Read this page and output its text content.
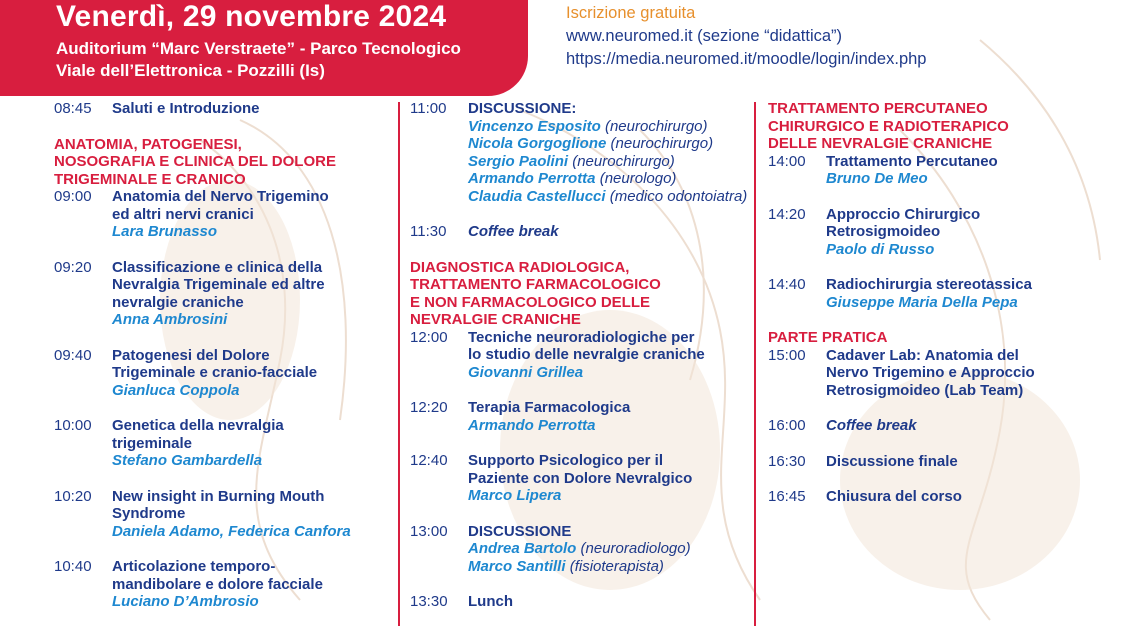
Venerdì, 29 novembre 2024
Auditorium “Marc Verstraete” - Parco Tecnologico
Viale dell’Elettronica - Pozzilli (Is)
Iscrizione gratuita
www.neuromed.it (sezione “didattica”)
https://media.neuromed.it/moodle/login/index.php
08:45	Saluti e Introduzione
ANATOMIA, PATOGENESI,
NOSOGRAFIA E CLINICA DEL DOLORE
TRIGEMINALE E CRANICO
09:00	Anatomia del Nervo Trigemino
ed altri nervi cranici
Lara Brunasso
09:20	Classificazione e clinica della
Nevralgia Trigeminale ed altre
nevralgie craniche
Anna Ambrosini
09:40	Patogenesi del Dolore
Trigeminale e cranio-facciale
Gianluca Coppola
10:00	Genetica della nevralgia
trigeminale
Stefano Gambardella
10:20	New insight in Burning Mouth
Syndrome
Daniela Adamo, Federica Canfora
10:40	Articolazione temporo-
mandibolare e dolore facciale
Luciano D’Ambrosio
11:00	DISCUSSIONE:
Vincenzo Esposito (neurochirurgo)
Nicola Gorgoglione (neurochirurgo)
Sergio Paolini (neurochirurgo)
Armando Perrotta (neurologo)
Claudia Castellucci (medico odontoiatra)
11:30	Coffee break
DIAGNOSTICA RADIOLOGICA,
TRATTAMENTO FARMACOLOGICO
E NON FARMACOLOGICO DELLE
NEVRALGIE CRANICHE
12:00	Tecniche neuroradiologiche per
lo studio delle nevralgie craniche
Giovanni Grillea
12:20	Terapia Farmacologica
Armando Perrotta
12:40	Supporto Psicologico per il
Paziente con Dolore Nevralgico
Marco Lipera
13:00	DISCUSSIONE
Andrea Bartolo (neuroradiologo)
Marco Santilli (fisioterapista)
13:30	Lunch
TRATTAMENTO PERCUTANEO
CHIRURGICO E RADIOTERAPICO
DELLE NEVRALGIE CRANICHE
14:00	Trattamento Percutaneo
Bruno De Meo
14:20	Approccio Chirurgico
Retrosigmoideo
Paolo di Russo
14:40	Radiochirurgia stereotassica
Giuseppe Maria Della Pepa
PARTE PRATICA
15:00	Cadaver Lab: Anatomia del
Nervo Trigemino e Approccio
Retrosigmoideo (Lab Team)
16:00	Coffee break
16:30	Discussione finale
16:45	Chiusura del corso
